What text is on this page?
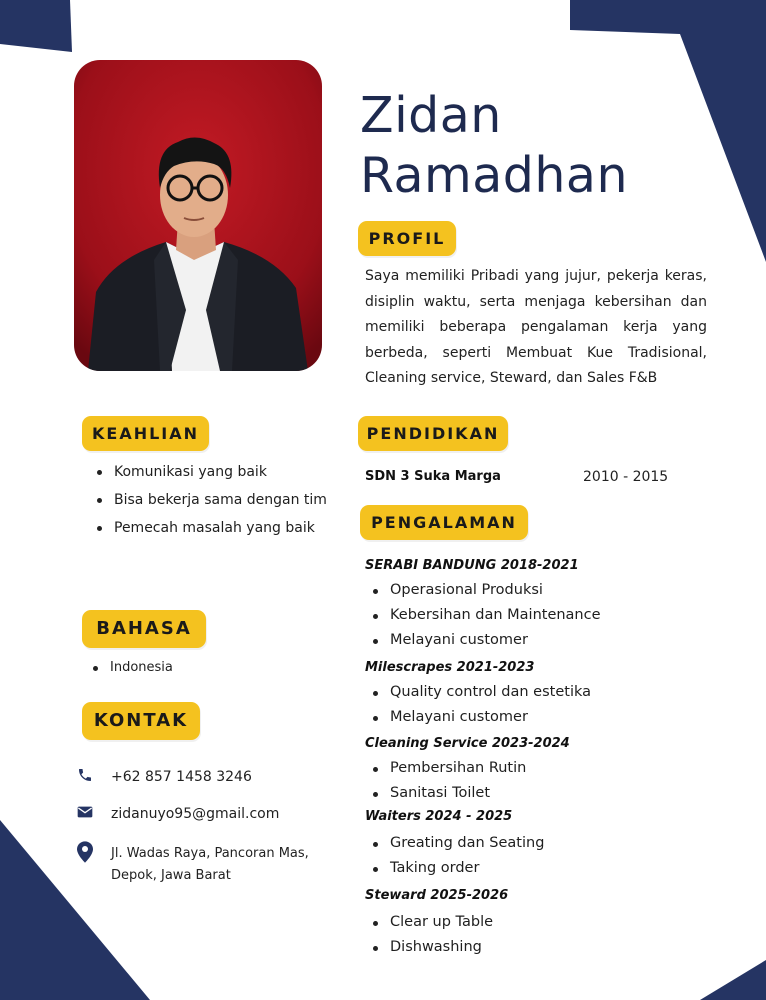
Zidan
Ramadhan
PROFIL
Saya memiliki Pribadi yang jujur, pekerja keras, disiplin waktu, serta menjaga kebersihan dan memiliki beberapa pengalaman kerja yang berbeda, seperti Membuat Kue Tradisional, Cleaning service, Steward, dan Sales F&B
KEAHLIAN
Komunikasi yang baik
Bisa bekerja sama dengan tim
Pemecah masalah yang baik
BAHASA
Indonesia
KONTAK
+62 857 1458 3246
zidanuyo95@gmail.com
Jl. Wadas Raya, Pancoran Mas, Depok, Jawa Barat
PENDIDIKAN
SDN 3 Suka Marga	2010 - 2015
PENGALAMAN
SERABI BANDUNG 2018-2021
Operasional Produksi
Kebersihan dan Maintenance
Melayani customer
Milescrapes 2021-2023
Quality control dan estetika
Melayani customer
Cleaning Service 2023-2024
Pembersihan Rutin
Sanitasi Toilet
Waiters 2024 - 2025
Greating dan Seating
Taking order
Steward 2025-2026
Clear up Table
Dishwashing
